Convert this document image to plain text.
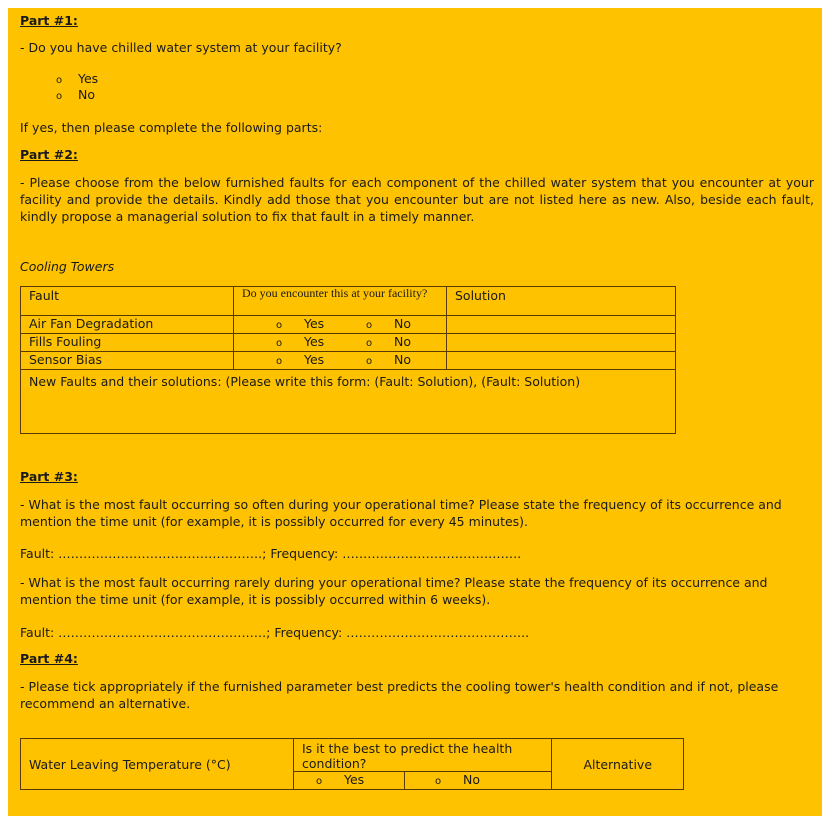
Part #1:
- Do you have chilled water system at your facility?
o Yes
o No
If yes, then please complete the following parts:
Part #2:
- Please choose from the below furnished faults for each component of the chilled water system that you encounter at your facility and provide the details. Kindly add those that you encounter but are not listed here as new. Also, beside each fault, kindly propose a managerial solution to fix that fault in a timely manner.
Cooling Towers
Fault	Do you encounter this at your facility?	Solution
Air Fan Degradation	o Yes o No	
Fills Fouling	o Yes o No	
Sensor Bias	o Yes o No	
New Faults and their solutions: (Please write this form: (Fault: Solution), (Fault: Solution)		
Part #3:
- What is the most fault occurring so often during your operational time? Please state the frequency of its occurrence and mention the time unit (for example, it is possibly occurred for every 45 minutes).
Fault: ………………………………………….; Frequency: …………………………………….
- What is the most fault occurring rarely during your operational time? Please state the frequency of its occurrence and mention the time unit (for example, it is possibly occurred within 6 weeks).
Fault: ……………………………………….….; Frequency: ……………………………………..
Part #4:
- Please tick appropriately if the furnished parameter best predicts the cooling tower's health condition and if not, please recommend an alternative.
Water Leaving Temperature (°C)	Is it the best to predict the health condition?		Alternative
	o Yes	o No	
